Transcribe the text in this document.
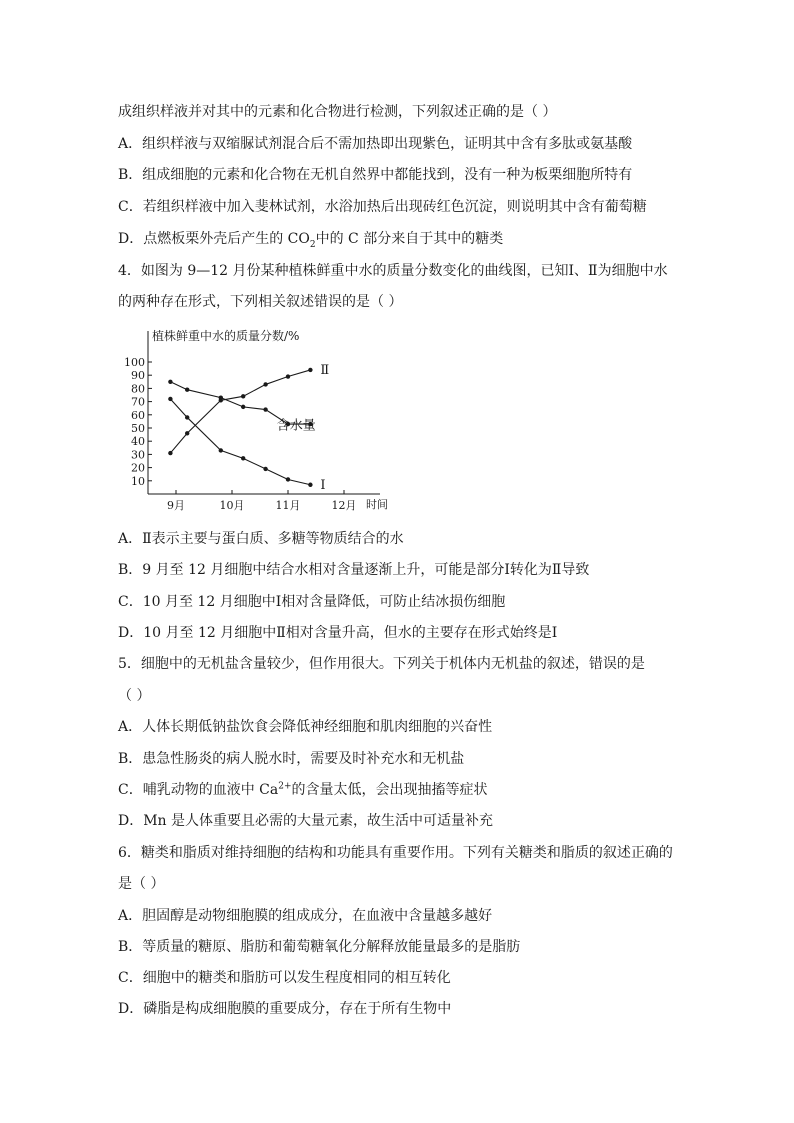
成组织样液并对其中的元素和化合物进行检测，下列叙述正确的是（ ）
A．组织样液与双缩脲试剂混合后不需加热即出现紫色，证明其中含有多肽或氨基酸
B．组成细胞的元素和化合物在无机自然界中都能找到，没有一种为板栗细胞所特有
C．若组织样液中加入斐林试剂，水浴加热后出现砖红色沉淀，则说明其中含有葡萄糖
D．点燃板栗外壳后产生的 $CO_2$中的 C 部分来自于其中的糖类
4．如图为 9—12 月份某种植株鲜重中水的质量分数变化的曲线图，已知Ⅰ、Ⅱ为细胞中水
的两种存在形式，下列相关叙述错误的是（ ）
植株鲜重中水的质量分数/%
时间
10
20
30
40
50
60
70
80
90
100
9月	10月	11月	12月
含水量
Ⅱ
Ⅰ
A．Ⅱ表示主要与蛋白质、多糖等物质结合的水
B．9 月至 12 月细胞中结合水相对含量逐渐上升，可能是部分Ⅰ转化为Ⅱ导致
C．10 月至 12 月细胞中Ⅰ相对含量降低，可防止结冰损伤细胞
D．10 月至 12 月细胞中Ⅱ相对含量升高，但水的主要存在形式始终是Ⅰ
5．细胞中的无机盐含量较少，但作用很大。下列关于机体内无机盐的叙述，错误的是
（ ）
A．人体长期低钠盐饮食会降低神经细胞和肌肉细胞的兴奋性
B．患急性肠炎的病人脱水时，需要及时补充水和无机盐
C．哺乳动物的血液中 $Ca^{2+}$的含量太低，会出现抽搐等症状
D．Mn 是人体重要且必需的大量元素，故生活中可适量补充
6．糖类和脂质对维持细胞的结构和功能具有重要作用。下列有关糖类和脂质的叙述正确的
是（ ）
A．胆固醇是动物细胞膜的组成成分，在血液中含量越多越好
B．等质量的糖原、脂肪和葡萄糖氧化分解释放能量最多的是脂肪
C．细胞中的糖类和脂肪可以发生程度相同的相互转化
D．磷脂是构成细胞膜的重要成分，存在于所有生物中
